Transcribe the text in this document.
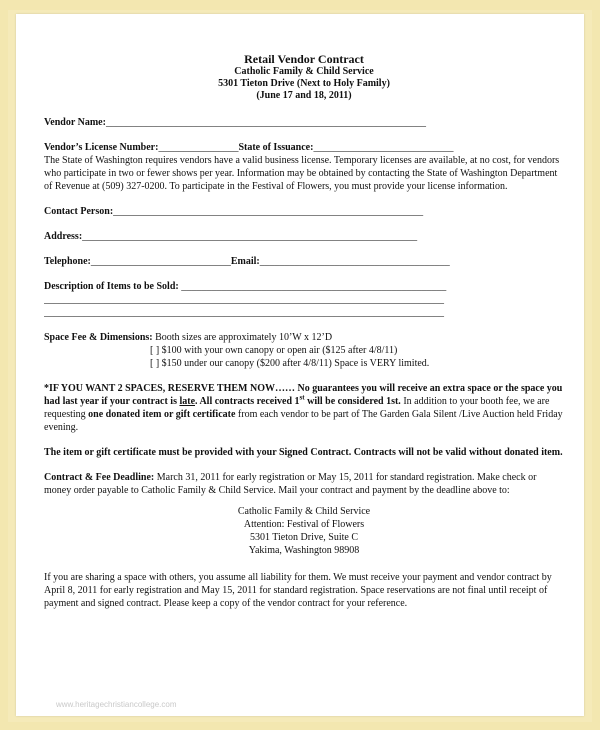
Retail Vendor Contract
Catholic Family & Child Service
5301 Tieton Drive (Next to Holy Family)
(June 17 and 18, 2011)
Vendor Name:________________________________________________________________
Vendor’s License Number:________________State of Issuance:____________________________

The State of Washington requires vendors have a valid business license. Temporary licenses are available, at no cost, for vendors who participate in two or fewer shows per year. Information may be obtained by contacting the State of Washington Department of Revenue at (509) 327-0200. To participate in the Festival of Flowers, you must provide your license information.

Contact Person:______________________________________________________________
Address:___________________________________________________________________
Telephone:____________________________Email:______________________________________
Description of Items to be Sold: _____________________________________________________
________________________________________________________________________________
________________________________________________________________________________
Space Fee & Dimensions: Booth sizes are approximately 10’W x 12’D
[ ] $100 with your own canopy or open air ($125 after 4/8/11)
[ ] $150 under our canopy ($200 after 4/8/11) Space is VERY limited.

*IF YOU WANT 2 SPACES, RESERVE THEM NOW…… No guarantees you will receive an extra space or the space you had last year if your contract is late. All contracts received 1st will be considered 1st. In addition to your booth fee, we are requesting one donated item or gift certificate from each vendor to be part of The Garden Gala Silent /Live Auction held Friday evening.

The item or gift certificate must be provided with your Signed Contract. Contracts will not be valid without donated item.

Contract & Fee Deadline: March 31, 2011 for early registration or May 15, 2011 for standard registration. Make check or money order payable to Catholic Family & Child Service. Mail your contract and payment by the deadline above to:

Catholic Family & Child Service
Attention: Festival of Flowers
5301 Tieton Drive, Suite C
Yakima, Washington 98908

If you are sharing a space with others, you assume all liability for them. We must receive your payment and vendor contract by April 8, 2011 for early registration and May 15, 2011 for standard registration. Space reservations are not final until receipt of payment and signed contract. Please keep a copy of the vendor contract for your reference.

www.heritagechristiancollege.com
